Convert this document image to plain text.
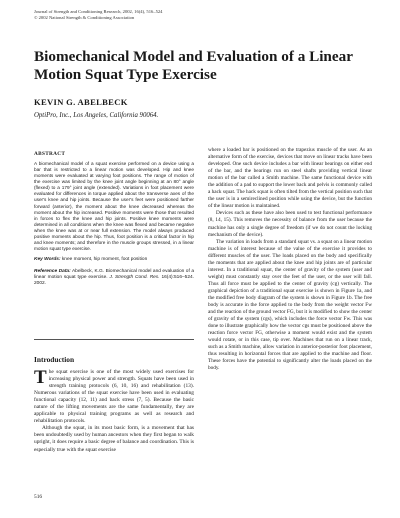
Journal of Strength and Conditioning Research, 2002, 16(4), 516–524
© 2002 National Strength & Conditioning Association
Biomechanical Model and Evaluation of a Linear Motion Squat Type Exercise
KEVIN G. ABELBECK
OptiPro, Inc., Los Angeles, California 90064.
ABSTRACT

A biomechanical model of a squat exercise performed on a device using a bar that is restricted to a linear motion was developed. Hip and knee moments were evaluated at varying foot positions. The range of motion of the exercise was limited by the knee joint angle beginning at an 80° angle (flexed) to a 179° joint angle (extended). Variations in foot placement were evaluated for differences in torque applied about the transverse axes of the user's knee and hip joints. Because the user's feet were positioned farther forward (anterior), the moment about the knee decreased whereas the moment about the hip increased. Positive moments were those that resulted in forces to flex the knee and hip joints. Positive knee moments were determined in all conditions when the knee was flexed and became negative when the knee was at or near full extension. The model always produced positive moments about the hip. Thus, foot position is a critical factor in hip and knee moments; and therefore in the muscle groups stressed, in a linear motion squat type exercise.

Key Words: knee moment, hip moment, foot position

Reference Data: Abelbeck, K.G. Biomechanical model and evaluation of a linear motion squat type exercise. J. Strength Cond. Res. 16(4):516–524. 2002.

Introduction

The squat exercise is one of the most widely used exercises for increasing physical power and strength. Squats have been used in strength training protocols (6, 10, 16) and rehabilitation (13). Numerous variations of the squat exercise have been used in evaluating functional capacity (12, 11) and back stress (7, 5). Because the basic nature of the lifting movements are the same fundamentally, they are applicable to physical training programs as well as research and rehabilitation protocols.

Although the squat, in its most basic form, is a movement that has been undoubtedly used by human ancestors when they first began to walk upright, it does require a basic degree of balance and coordination. This is especially true with the squat exercise

where a loaded bar is positioned on the trapezius muscle of the user. As an alternative form of the exercise, devices that move on linear tracks have been developed. One such device includes a bar with linear bearings on either end of the bar, and the bearings run on steel shafts providing vertical linear motion of the bar called a Smith machine. The same functional device with the addition of a pad to support the lower back and pelvis is commonly called a hack squat. The hack squat is often tilted from the vertical position such that the user is in a semireclined position while using the device, but the function of the linear motion is maintained.

Devices such as these have also been used to test functional performance (8, 14, 15). This removes the necessity of balance from the user because the machine has only a single degree of freedom (if we do not count the locking mechanism of the device).

The variation in loads from a standard squat vs. a squat on a linear motion machine is of interest because of the value of the exercise it provides to different muscles of the user. The loads placed on the body and specifically the moments that are applied about the knee and hip joints are of particular interest. In a traditional squat, the center of gravity of the system (user and weight) must constantly stay over the feet of the user, or the user will fall. Thus all force must be applied to the center of gravity (cg) vertically. The graphical depiction of a traditional squat exercise is shown in Figure 1a, and the modified free body diagram of the system is shown in Figure 1b. The free body is accurate in the force applied to the body from the weight vector Fw and the reaction of the ground vector FG, but it is modified to show the center of gravity of the system (cgs), which includes the force vector Fw. This was done to illustrate graphically how the vector cgs must be positioned above the reaction force vector FG, otherwise a moment would exist and the system would rotate, or in this case, tip over. Machines that run on a linear track, such as a Smith machine, allow variation in anterior-posterior foot placement, thus resulting in horizontal forces that are applied to the machine and floor. These forces have the potential to significantly alter the loads placed on the body.

516
